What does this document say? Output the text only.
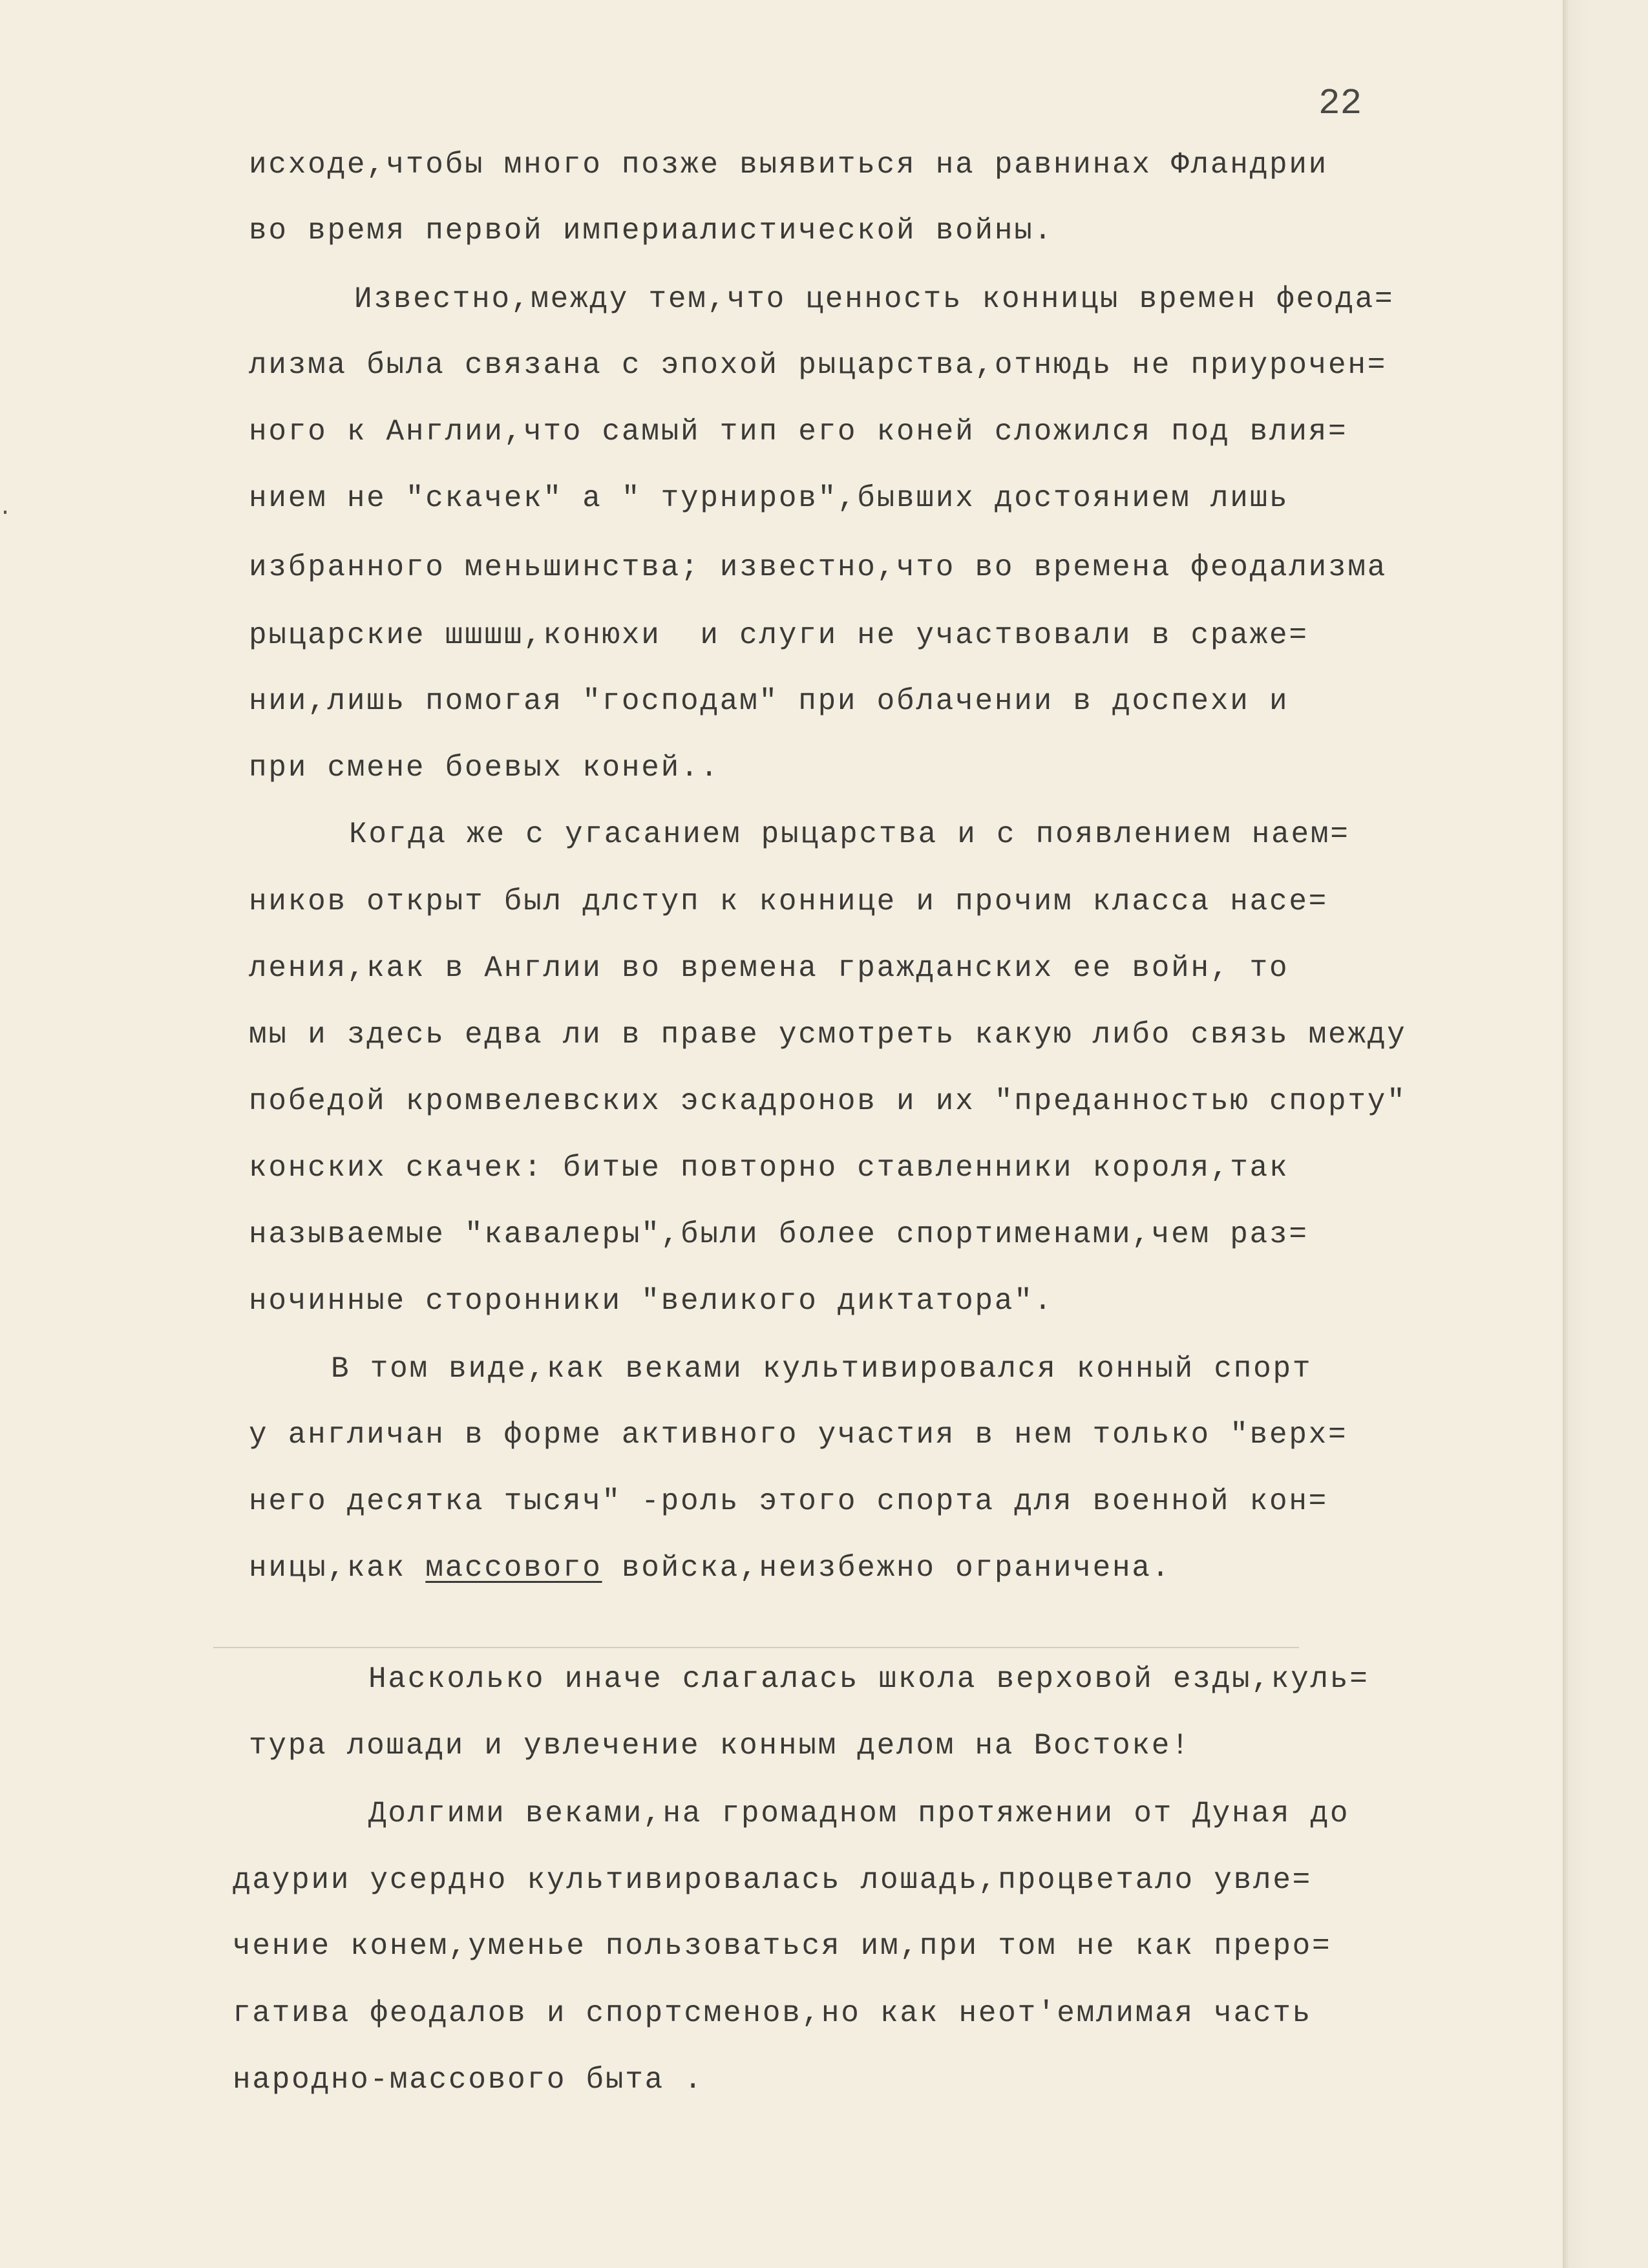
22
исходе,чтобы много позже выявиться на равнинах Фландрии
во время первой империалистической войны.
Известно,между тем,что ценность конницы времен феода=
лизма была связана с эпохой рыцарства,отнюдь не приурочен=
ного к Англии,что самый тип его коней сложился под влия=
нием не "скачек" а " турниров",бывших достоянием лишь
избранного меньшинства; известно,что во времена феодализма
рыцарские шшшш,конюхи  и слуги не участвовали в сраже=
нии,лишь помогая "господам" при облачении в доспехи и
при смене боевых коней..
Когда же с угасанием рыцарства и с появлением наем=
ников открыт был длступ к коннице и прочим класса насе=
ления,как в Англии во времена гражданских ее войн, то
мы и здесь едва ли в праве усмотреть какую либо связь между
победой кромвелевских эскадронов и их "преданностью спорту"
конских скачек: битые повторно ставленники короля,так
называемые "кавалеры",были более спортименами,чем раз=
ночинные сторонники "великого диктатора".
В том виде,как веками культивировался конный спорт
у англичан в форме активного участия в нем только "верх=
него десятка тысяч" -роль этого спорта для военной кон=
ницы,как массового войска,неизбежно ограничена.
Насколько иначе слагалась школа верховой езды,куль=
тура лошади и увлечение конным делом на Востоке!
Долгими веками,на громадном протяжении от Дуная до
даурии усердно культивировалась лошадь,процветало увле=
чение конем,уменье пользоваться им,при том не как преро=
гатива феодалов и спортсменов,но как неот'емлимая часть
народно-массового быта .
